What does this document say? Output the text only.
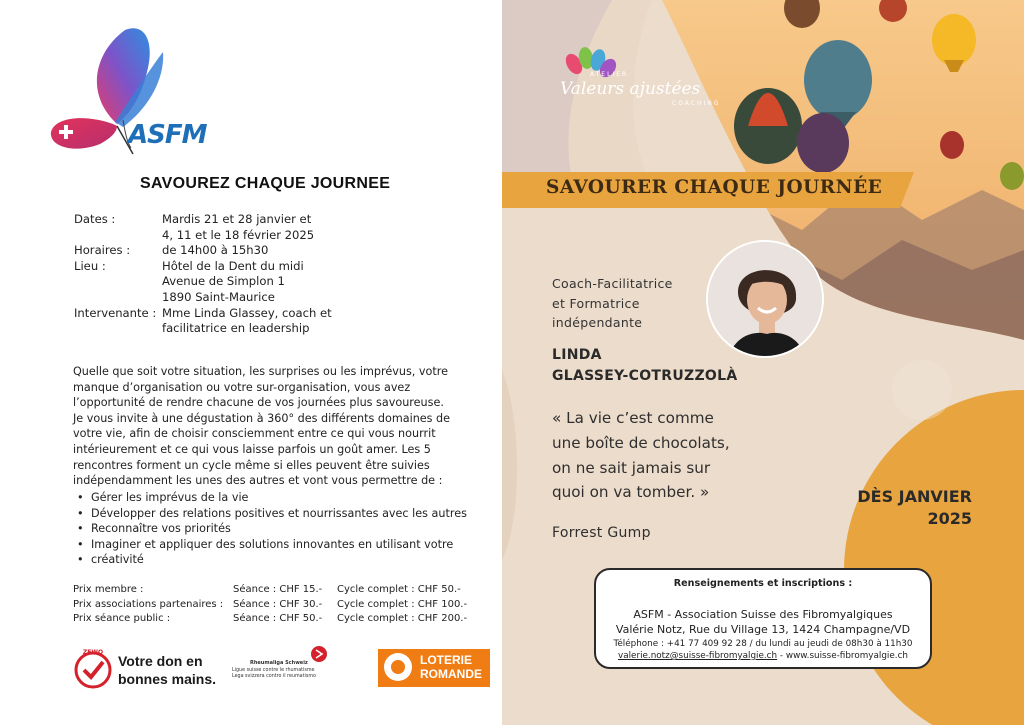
ASFM
SAVOUREZ CHAQUE JOURNEE
Dates :	Mardis 21 et 28 janvier et
4, 11 et le 18 février 2025
Horaires :	de 14h00 à 15h30
Lieu :	Hôtel de la Dent du midi
Avenue de Simplon 1
1890 Saint-Maurice
Intervenante : Mme Linda Glassey, coach et
facilitatrice en leadership
Quelle que soit votre situation, les surprises ou les imprévus, votre
manque d’organisation ou votre sur-organisation, vous avez
l’opportunité de rendre chacune de vos journées plus savoureuse.
Je vous invite à une dégustation à 360° des différents domaines de
votre vie, afin de choisir consciemment entre ce qui vous nourrit
intérieurement et ce qui vous laisse parfois un goût amer. Les 5
rencontres forment un cycle même si elles peuvent être suivies
indépendamment les unes des autres et vont vous permettre de :
• Gérer les imprévus de la vie
• Développer des relations positives et nourrissantes avec les autres
• Reconnaître vos priorités
• Imaginer et appliquer des solutions innovantes en utilisant votre
• créativité
Prix membre :	Séance : CHF 15.-	Cycle complet : CHF 50.-
Prix associations partenaires : Séance : CHF 30.-	Cycle complet : CHF 100.-
Prix séance public :	Séance : CHF 50.-	Cycle complet : CHF 200.-
ZEWO
Votre don en
bonnes mains.
Rheumaliga Schweiz
Ligue suisse contre le rhumatisme
Lega svizzera contro il reumatismo
LOTERIE
ROMANDE
SAVOURER CHAQUE JOURNÉE
ATELIER
Valeurs ajustées
COACHING
Coach-Facilitatrice
et Formatrice
indépendante
LINDA
GLASSEY-COTRUZZOLÀ
« La vie c’est comme
une boîte de chocolats,
on ne sait jamais sur
quoi on va tomber. »
Forrest Gump
DÈS JANVIER
2025
Renseignements et inscriptions :
ASFM - Association Suisse des Fibromyalgiques
Valérie Notz, Rue du Village 13, 1424 Champagne/VD
Téléphone : +41 77 409 92 28 / du lundi au jeudi de 08h30 à 11h30
valerie.notz@suisse-fibromyalgie.ch - www.suisse-fibromyalgie.ch
